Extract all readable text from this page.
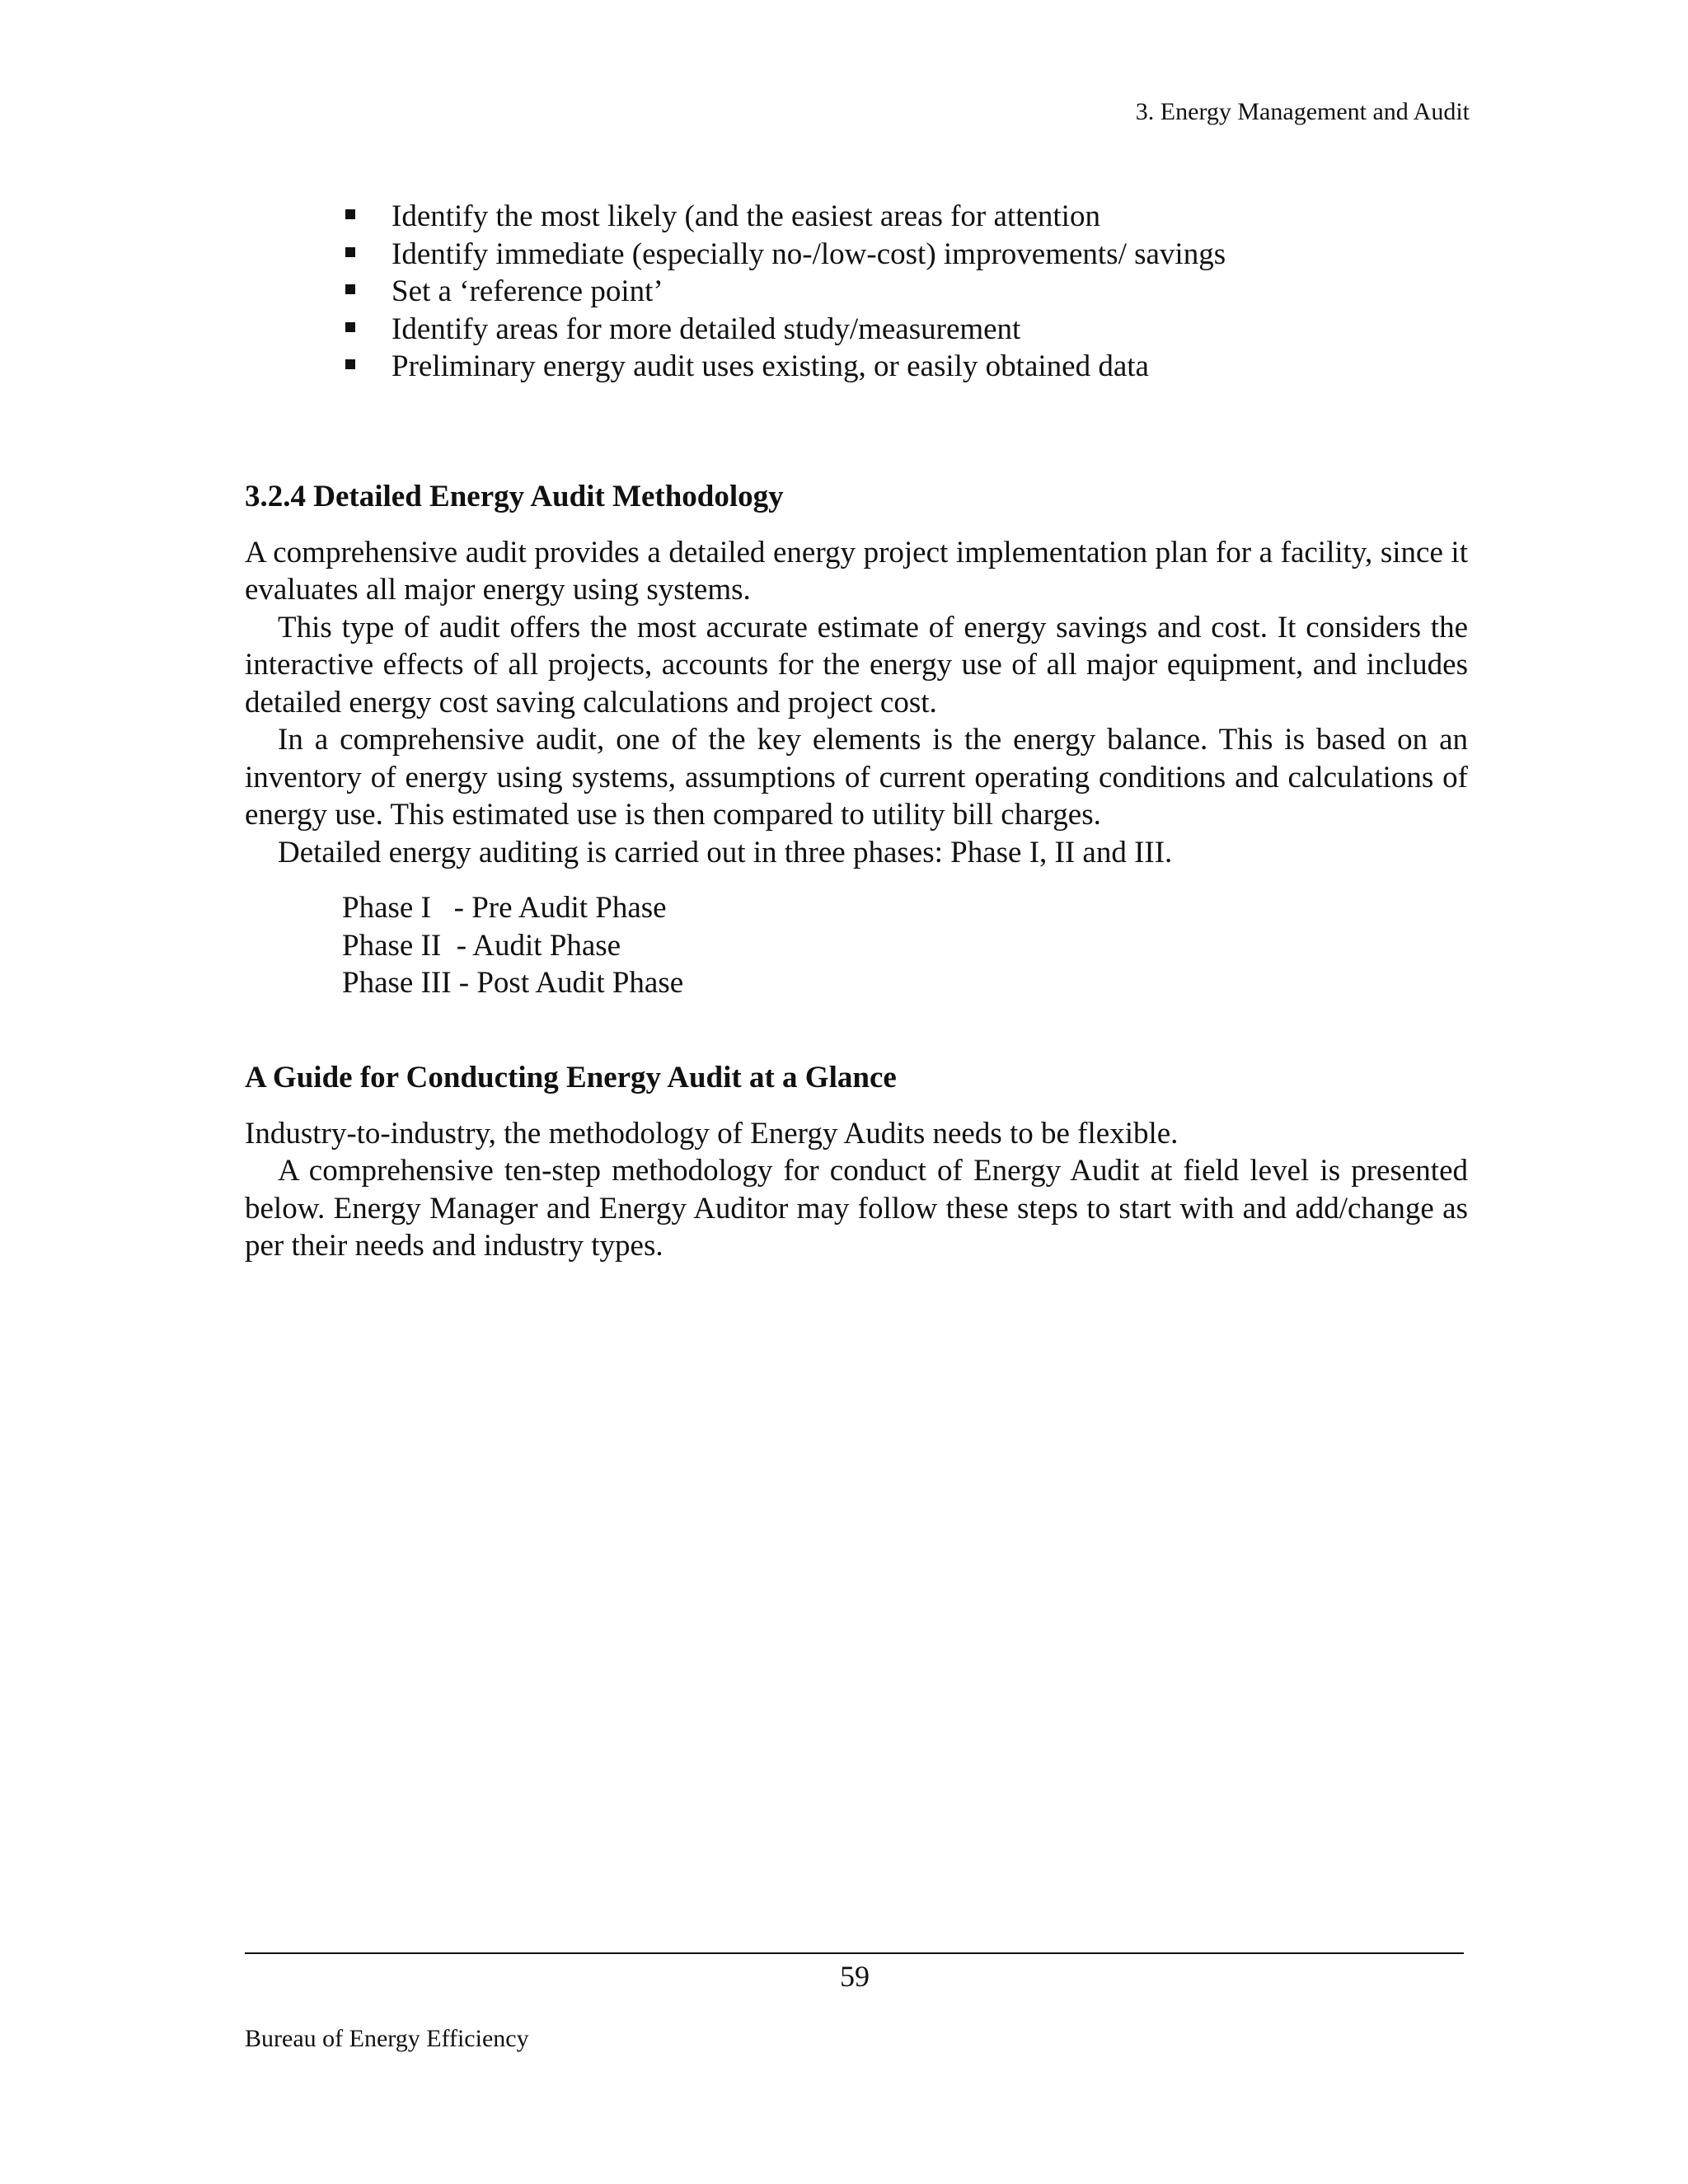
3. Energy Management and Audit
Identify the most likely (and the easiest areas for attention
Identify immediate (especially no-/low-cost) improvements/ savings
Set a ‘reference point’
Identify areas for more detailed study/measurement
Preliminary energy audit uses existing, or easily obtained data
3.2.4 Detailed Energy Audit Methodology

A comprehensive audit provides a detailed energy project implementation plan for a facility, since it evaluates all major energy using systems.

This type of audit offers the most accurate estimate of energy savings and cost. It considers the interactive effects of all projects, accounts for the energy use of all major equipment, and includes detailed energy cost saving calculations and project cost.

In a comprehensive audit, one of the key elements is the energy balance. This is based on an inventory of energy using systems, assumptions of current operating conditions and calculations of energy use. This estimated use is then compared to utility bill charges.

Detailed energy auditing is carried out in three phases: Phase I, II and III.

Phase I   - Pre Audit Phase
Phase II  - Audit Phase
Phase III - Post Audit Phase
A Guide for Conducting Energy Audit at a Glance

Industry-to-industry, the methodology of Energy Audits needs to be flexible.

A comprehensive ten-step methodology for conduct of Energy Audit at field level is presented below. Energy Manager and Energy Auditor may follow these steps to start with and add/change as per their needs and industry types.

59
Bureau of Energy Efficiency
